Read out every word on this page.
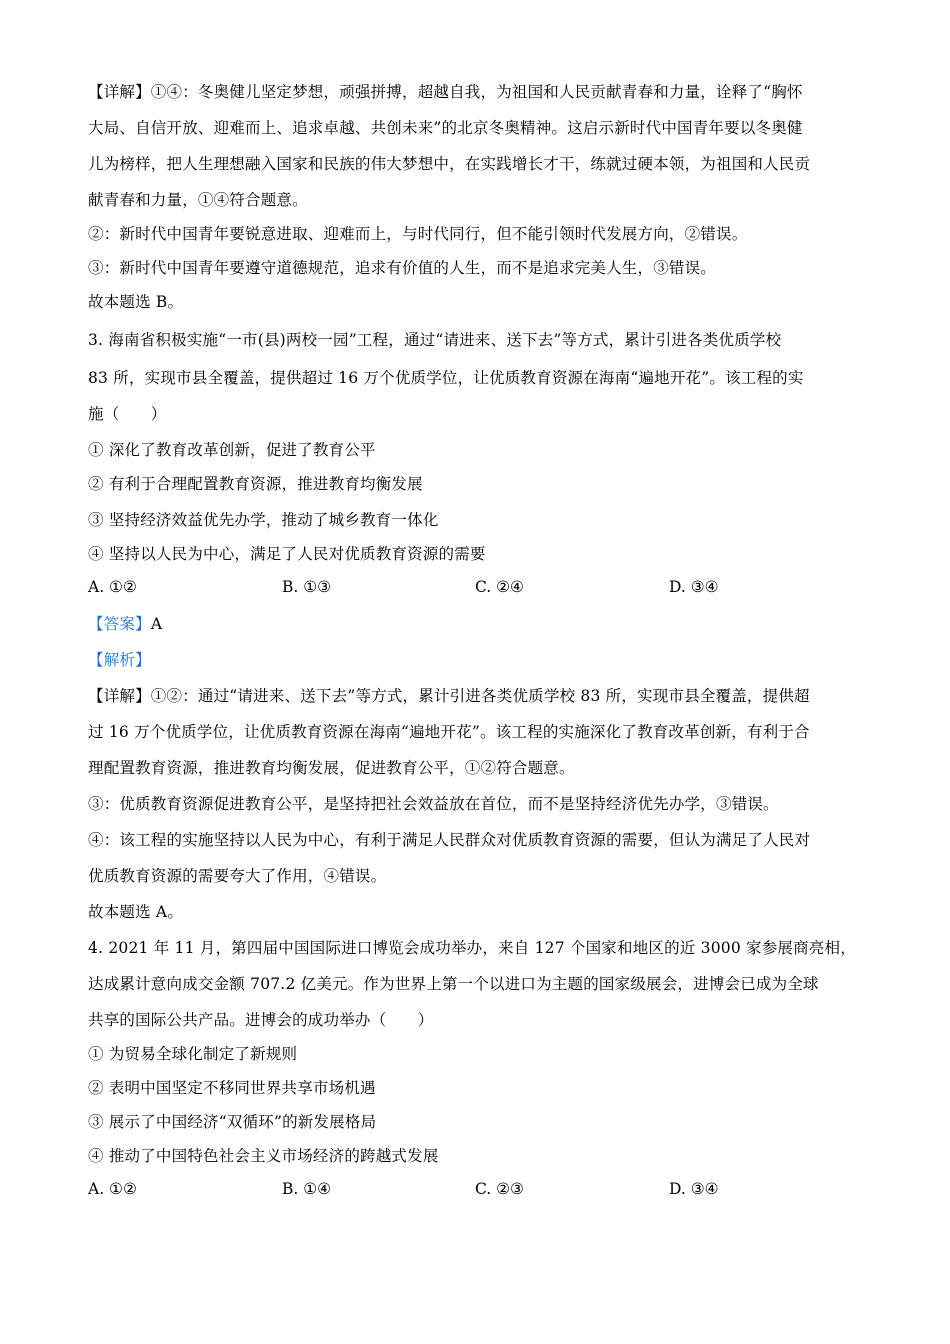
【详解】①④：冬奥健儿坚定梦想，顽强拼搏，超越自我，为祖国和人民贡献青春和力量，诠释了“胸怀
大局、自信开放、迎难而上、追求卓越、共创未来”的北京冬奥精神。这启示新时代中国青年要以冬奥健
儿为榜样，把人生理想融入国家和民族的伟大梦想中，在实践增长才干，练就过硬本领，为祖国和人民贡
献青春和力量，①④符合题意。
②：新时代中国青年要锐意进取、迎难而上，与时代同行，但不能引领时代发展方向，②错误。
③：新时代中国青年要遵守道德规范，追求有价值的人生，而不是追求完美人生，③错误。
故本题选 B。
3. 海南省积极实施“一市(县)两校一园”工程，通过“请进来、送下去”等方式，累计引进各类优质学校
83 所，实现市县全覆盖，提供超过 16 万个优质学位，让优质教育资源在海南“遍地开花”。该工程的实
施（　　）
① 深化了教育改革创新，促进了教育公平
② 有利于合理配置教育资源，推进教育均衡发展
③ 坚持经济效益优先办学，推动了城乡教育一体化
④ 坚持以人民为中心，满足了人民对优质教育资源的需要
A. ①②	B. ①③	C. ②④	D. ③④
【答案】A
【解析】
【详解】①②：通过“请进来、送下去”等方式，累计引进各类优质学校 83 所，实现市县全覆盖，提供超
过 16 万个优质学位，让优质教育资源在海南“遍地开花”。该工程的实施深化了教育改革创新，有利于合
理配置教育资源，推进教育均衡发展，促进教育公平，①②符合题意。
③：优质教育资源促进教育公平，是坚持把社会效益放在首位，而不是坚持经济优先办学，③错误。
④：该工程的实施坚持以人民为中心，有利于满足人民群众对优质教育资源的需要，但认为满足了人民对
优质教育资源的需要夸大了作用，④错误。
故本题选 A。
4. 2021 年 11 月，第四届中国国际进口博览会成功举办，来自 127 个国家和地区的近 3000 家参展商亮相，
达成累计意向成交金额 707.2 亿美元。作为世界上第一个以进口为主题的国家级展会，进博会已成为全球
共享的国际公共产品。进博会的成功举办（　　）
① 为贸易全球化制定了新规则
② 表明中国坚定不移同世界共享市场机遇
③ 展示了中国经济“双循环”的新发展格局
④ 推动了中国特色社会主义市场经济的跨越式发展
A. ①②	B. ①④	C. ②③	D. ③④
